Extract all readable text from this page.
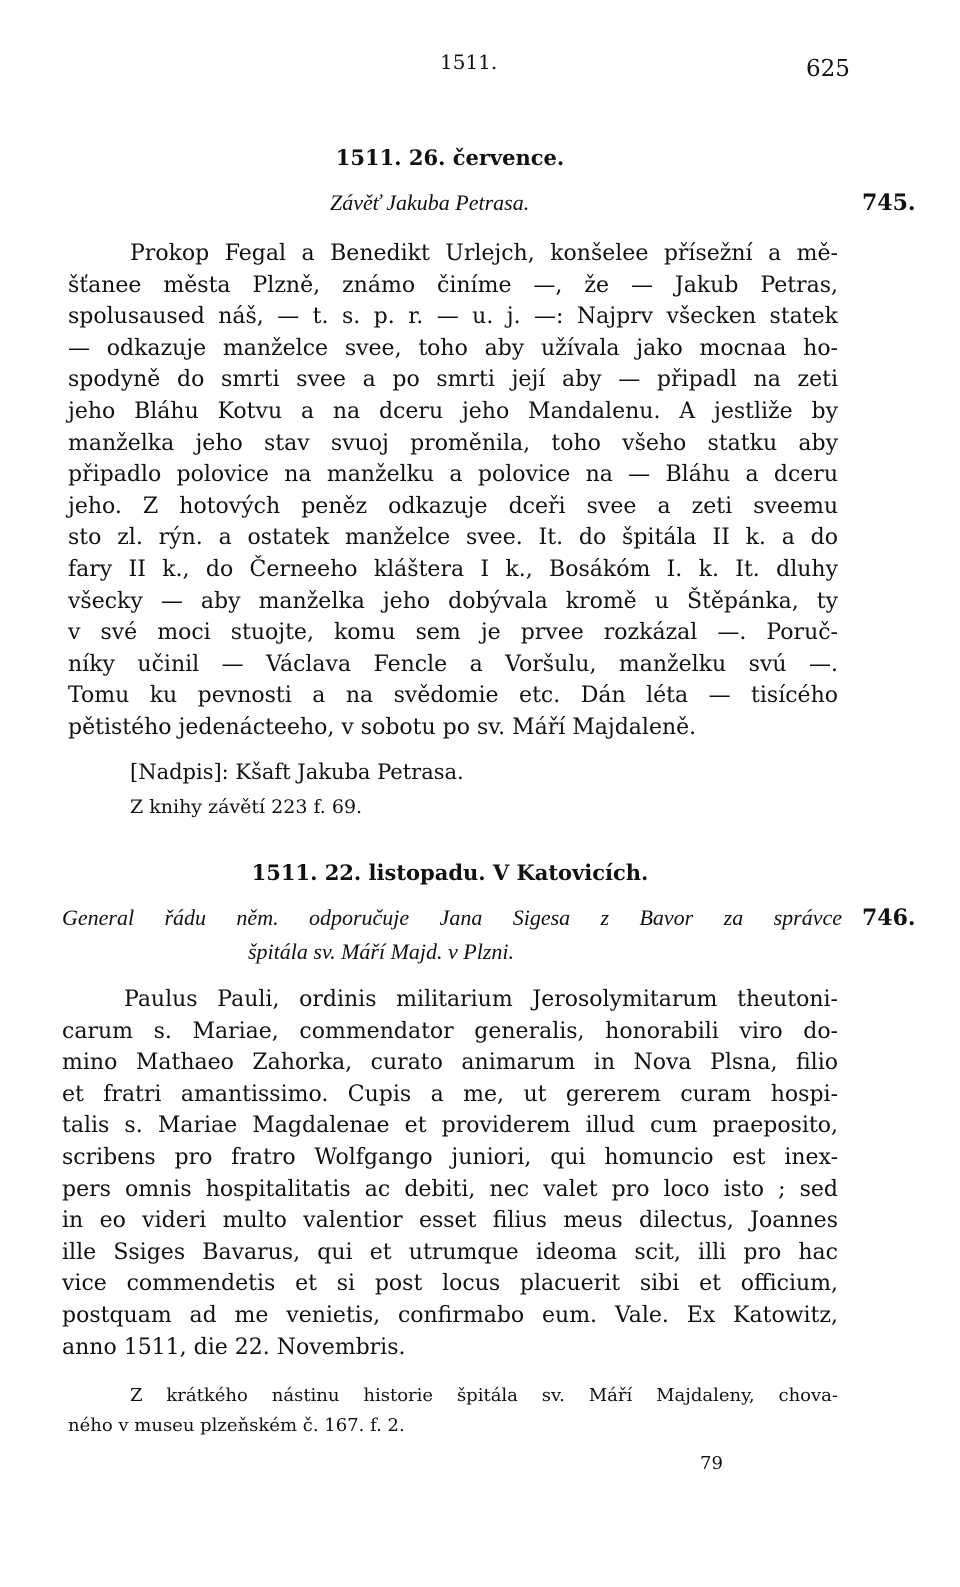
1511.	625
1511. 26. července.
Závěť Jakuba Petrasa.	745.
Prokop Fegal a Benedikt Urlejch, konšelee přísežní a mě-
šťanee města Plzně, známo činíme —, že — Jakub Petras,
spolusaused náš, — t. s. p. r. — u. j. —: Najprv všecken statek
— odkazuje manželce svee, toho aby užívala jako mocnaa ho-
spodyně do smrti svee a po smrti její aby — připadl na zeti
jeho Bláhu Kotvu a na dceru jeho Mandalenu. A jestliže by
manželka jeho stav svuoj proměnila, toho všeho statku aby
připadlo polovice na manželku a polovice na — Bláhu a dceru
jeho. Z hotových peněz odkazuje dceři svee a zeti sveemu
sto zl. rýn. a ostatek manželce svee. It. do špitála II k. a do
fary II k., do Černeeho kláštera I k., Bosákóm I. k. It. dluhy
všecky — aby manželka jeho dobývala kromě u Štěpánka, ty
v své moci stuojte, komu sem je prvee rozkázal —. Poruč-
níky učinil — Václava Fencle a Voršulu, manželku svú —.
Tomu ku pevnosti a na svědomie etc. Dán léta — tisícého
pětistého jedenácteeho, v sobotu po sv. Máří Majdaleně.
[Nadpis]: Kšaft Jakuba Petrasa.
Z knihy závětí 223 f. 69.
1511. 22. listopadu. V Katovicích.
General řádu něm. odporučuje Jana Sigesa z Bavor za správce 746.
špitála sv. Máří Majd. v Plzni.
Paulus Pauli, ordinis militarium Jerosolymitarum theutoni-
carum s. Mariae, commendator generalis, honorabili viro do-
mino Mathaeo Zahorka, curato animarum in Nova Plsna, filio
et fratri amantissimo. Cupis a me, ut gererem curam hospi-
talis s. Mariae Magdalenae et providerem illud cum praeposito,
scribens pro fratro Wolfgango juniori, qui homuncio est inex-
pers omnis hospitalitatis ac debiti, nec valet pro loco isto ; sed
in eo videri multo valentior esset filius meus dilectus, Joannes
ille Ssiges Bavarus, qui et utrumque ideoma scit, illi pro hac
vice commendetis et si post locus placuerit sibi et officium,
postquam ad me venietis, confirmabo eum. Vale. Ex Katowitz,
anno 1511, die 22. Novembris.
Z krátkého nástinu historie špitála sv. Máří Majdaleny, chova-
ného v museu plzeňském č. 167. f. 2.
79
